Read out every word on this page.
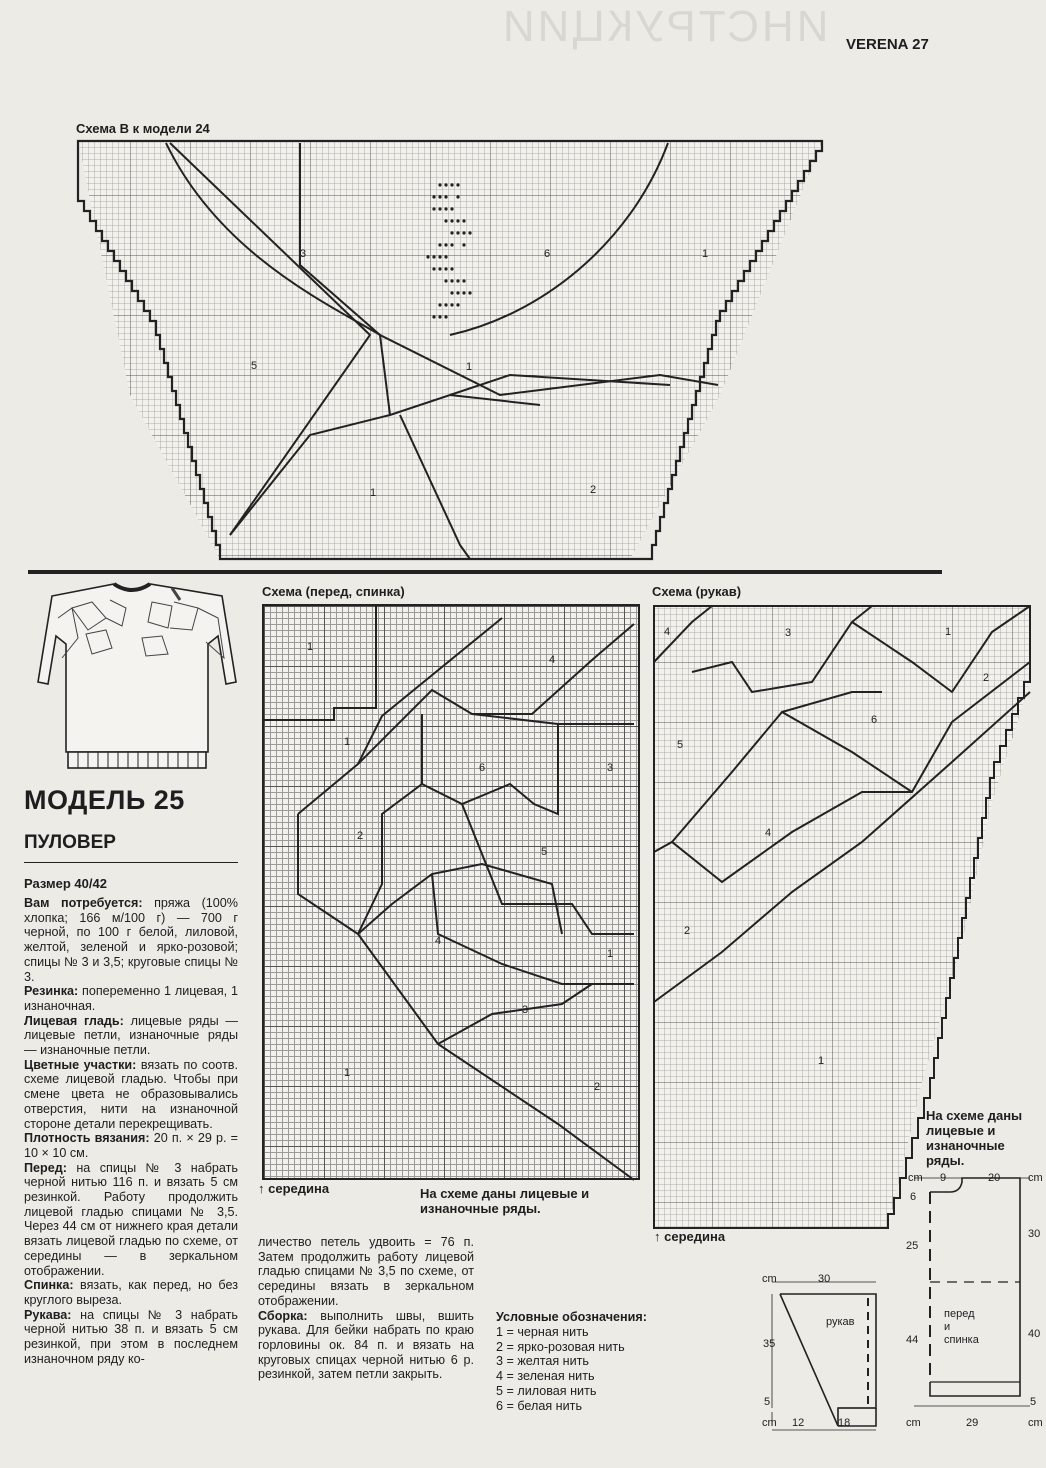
ИНСТРУКЦИИ VERENA 27
Схема В к модели 24
3	6	1
5	1
1	2
МОДЕЛЬ 25
ПУЛОВЕР
Размер 40/42

Вам потребуется: пряжа (100% хлопка; 166 м/100 г) — 700 г черной, по 100 г белой, лиловой, желтой, зеленой и ярко-розовой; спицы № 3 и 3,5; круговые спицы № 3.

Резинка: попеременно 1 лицевая, 1 изнаночная.

Лицевая гладь: лицевые ряды — лицевые петли, изнаночные ряды — изнаночные петли.

Цветные участки: вязать по соотв. схеме лицевой гладью. Чтобы при смене цвета не образовывались отверстия, нити на изнаночной стороне детали перекрещивать.

Плотность вязания: 20 п. × 29 р. = 10 × 10 см.

Перед: на спицы № 3 набрать черной нитью 116 п. и вязать 5 см резинкой. Работу продолжить лицевой гладью спицами № 3,5. Через 44 см от нижнего края детали вязать лицевой гладью по схеме, от середины — в зеркальном отображении.

Спинка: вязать, как перед, но без круглого выреза.

Рукава: на спицы № 3 набрать черной нитью 38 п. и вязать 5 см резинкой, при этом в последнем изнаночном ряду ко-

личество петель удвоить = 76 п. Затем продолжить работу лицевой гладью спицами № 3,5 по схеме, от середины вязать в зеркальном отображении.

Сборка: выполнить швы, вшить рукава. Для бейки набрать по краю горловины ок. 84 п. и вязать на круговых спицах черной нитью 6 р. резинкой, затем петли закрыть.

Схема (перед, спинка)
1
4
1
6	3
2
5
4
1
3
1
2
↑ середина	На схеме даны лицевые и изнаночные ряды.
Схема (рукав)
4	3	1
2
5
6
4
2
1
↑ середина
На схеме даны лицевые и изнаночные ряды.
Условные обозначения:
1 = черная нить
2 = ярко-розовая нить
3 = желтая нить
4 = зеленая нить
5 = лиловая нить
6 = белая нить
cm	30
рукав
35
5
cm 12	18
cm 9	20	cm
6
30
25
перед
и
спинка	40
44
5
cm	29	cm
